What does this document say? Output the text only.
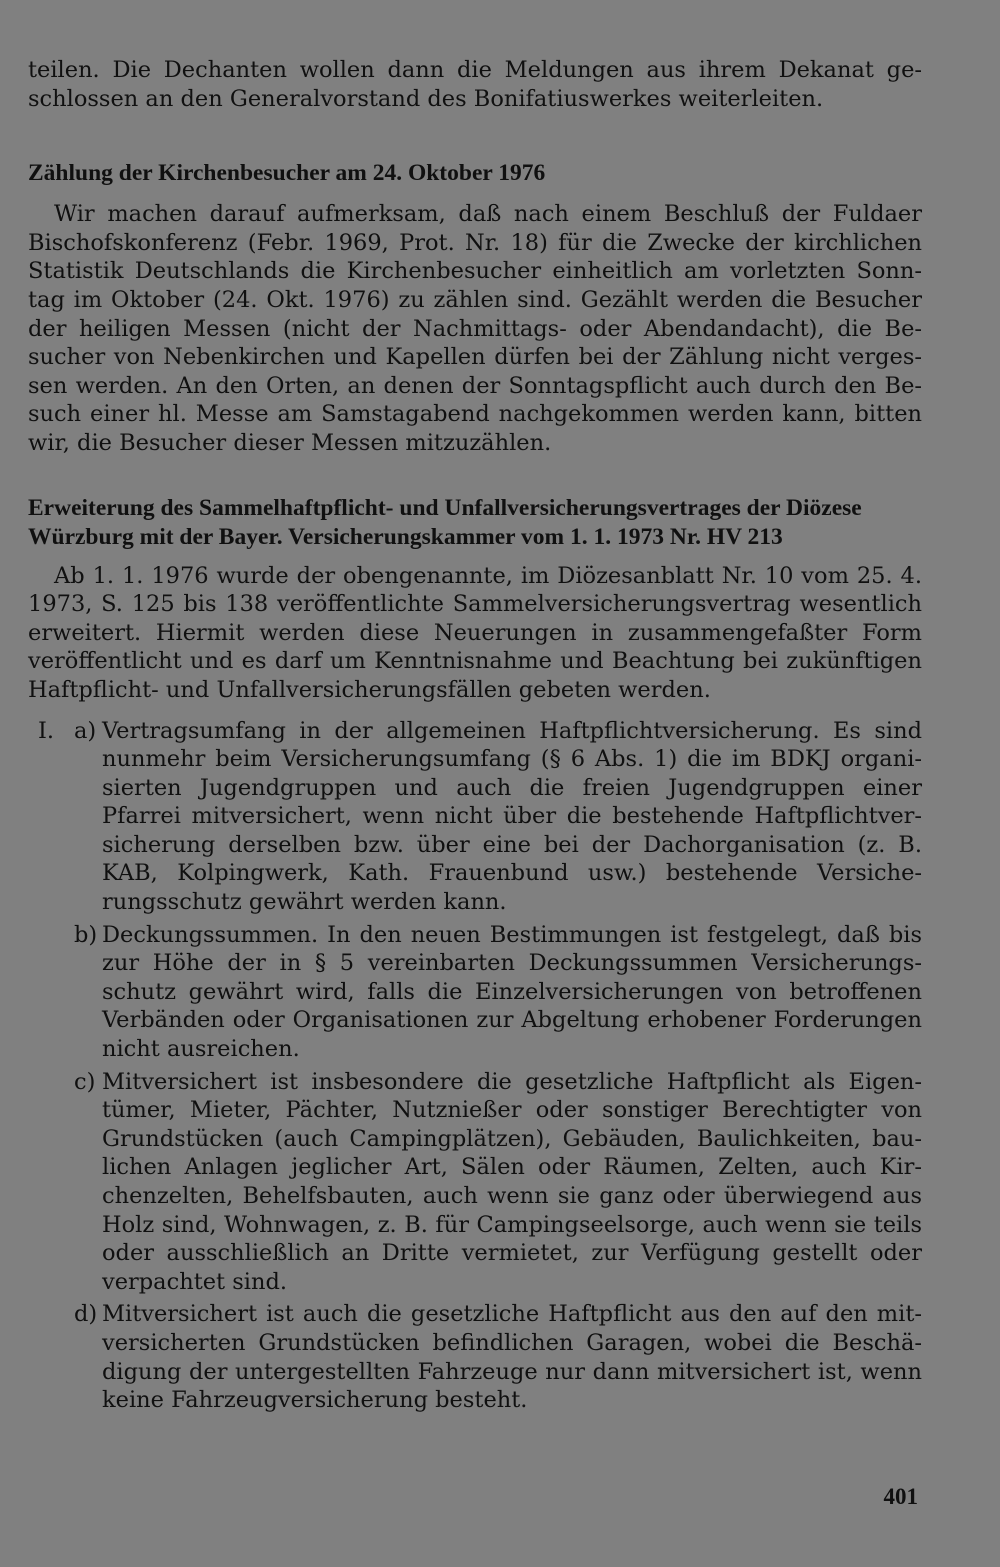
teilen. Die Dechanten wollen dann die Meldungen aus ihrem Dekanat geschlossen an den Generalvorstand des Bonifatiuswerkes weiterleiten.

Zählung der Kirchenbesucher am 24. Oktober 1976

Wir machen darauf aufmerksam, daß nach einem Beschluß der Fuldaer Bischofskonferenz (Febr. 1969, Prot. Nr. 18) für die Zwecke der kirchlichen Statistik Deutschlands die Kirchenbesucher einheitlich am vorletzten Sonntag im Oktober (24. Okt. 1976) zu zählen sind. Gezählt werden die Besucher der heiligen Messen (nicht der Nachmittags- oder Abendandacht), die Besucher von Nebenkirchen und Kapellen dürfen bei der Zählung nicht vergessen werden. An den Orten, an denen der Sonntagspflicht auch durch den Besuch einer hl. Messe am Samstagabend nachgekommen werden kann, bitten wir, die Besucher dieser Messen mitzuzählen.

Erweiterung des Sammelhaftpflicht- und Unfallversicherungsvertrages der Diözese Würzburg mit der Bayer. Versicherungskammer vom 1. 1. 1973 Nr. HV 213

Ab 1. 1. 1976 wurde der obengenannte, im Diözesanblatt Nr. 10 vom 25. 4. 1973, S. 125 bis 138 veröffentlichte Sammelversicherungsvertrag wesentlich erweitert. Hiermit werden diese Neuerungen in zusammengefaßter Form veröffentlicht und es darf um Kenntnisnahme und Beachtung bei zukünftigen Haftpflicht- und Unfallversicherungsfällen gebeten werden.

I. a) Vertragsumfang in der allgemeinen Haftpflichtversicherung. Es sind nunmehr beim Versicherungsumfang (§ 6 Abs. 1) die im BDKJ organisierten Jugendgruppen und auch die freien Jugendgruppen einer Pfarrei mitversichert, wenn nicht über die bestehende Haftpflichtversicherung derselben bzw. über eine bei der Dachorganisation (z. B. KAB, Kolpingwerk, Kath. Frauenbund usw.) bestehende Versicherungsschutz gewährt werden kann.

b) Deckungssummen. In den neuen Bestimmungen ist festgelegt, daß bis zur Höhe der in § 5 vereinbarten Deckungssummen Versicherungsschutz gewährt wird, falls die Einzelversicherungen von betroffenen Verbänden oder Organisationen zur Abgeltung erhobener Forderungen nicht ausreichen.

c) Mitversichert ist insbesondere die gesetzliche Haftpflicht als Eigentümer, Mieter, Pächter, Nutznießer oder sonstiger Berechtigter von Grundstücken (auch Campingplätzen), Gebäuden, Baulichkeiten, baulichen Anlagen jeglicher Art, Sälen oder Räumen, Zelten, auch Kirchenzelten, Behelfsbauten, auch wenn sie ganz oder überwiegend aus Holz sind, Wohnwagen, z. B. für Campingseelsorge, auch wenn sie teils oder ausschließlich an Dritte vermietet, zur Verfügung gestellt oder verpachtet sind.

d) Mitversichert ist auch die gesetzliche Haftpflicht aus den auf den mitversicherten Grundstücken befindlichen Garagen, wobei die Beschädigung der untergestellten Fahrzeuge nur dann mitversichert ist, wenn keine Fahrzeugversicherung besteht.

401
